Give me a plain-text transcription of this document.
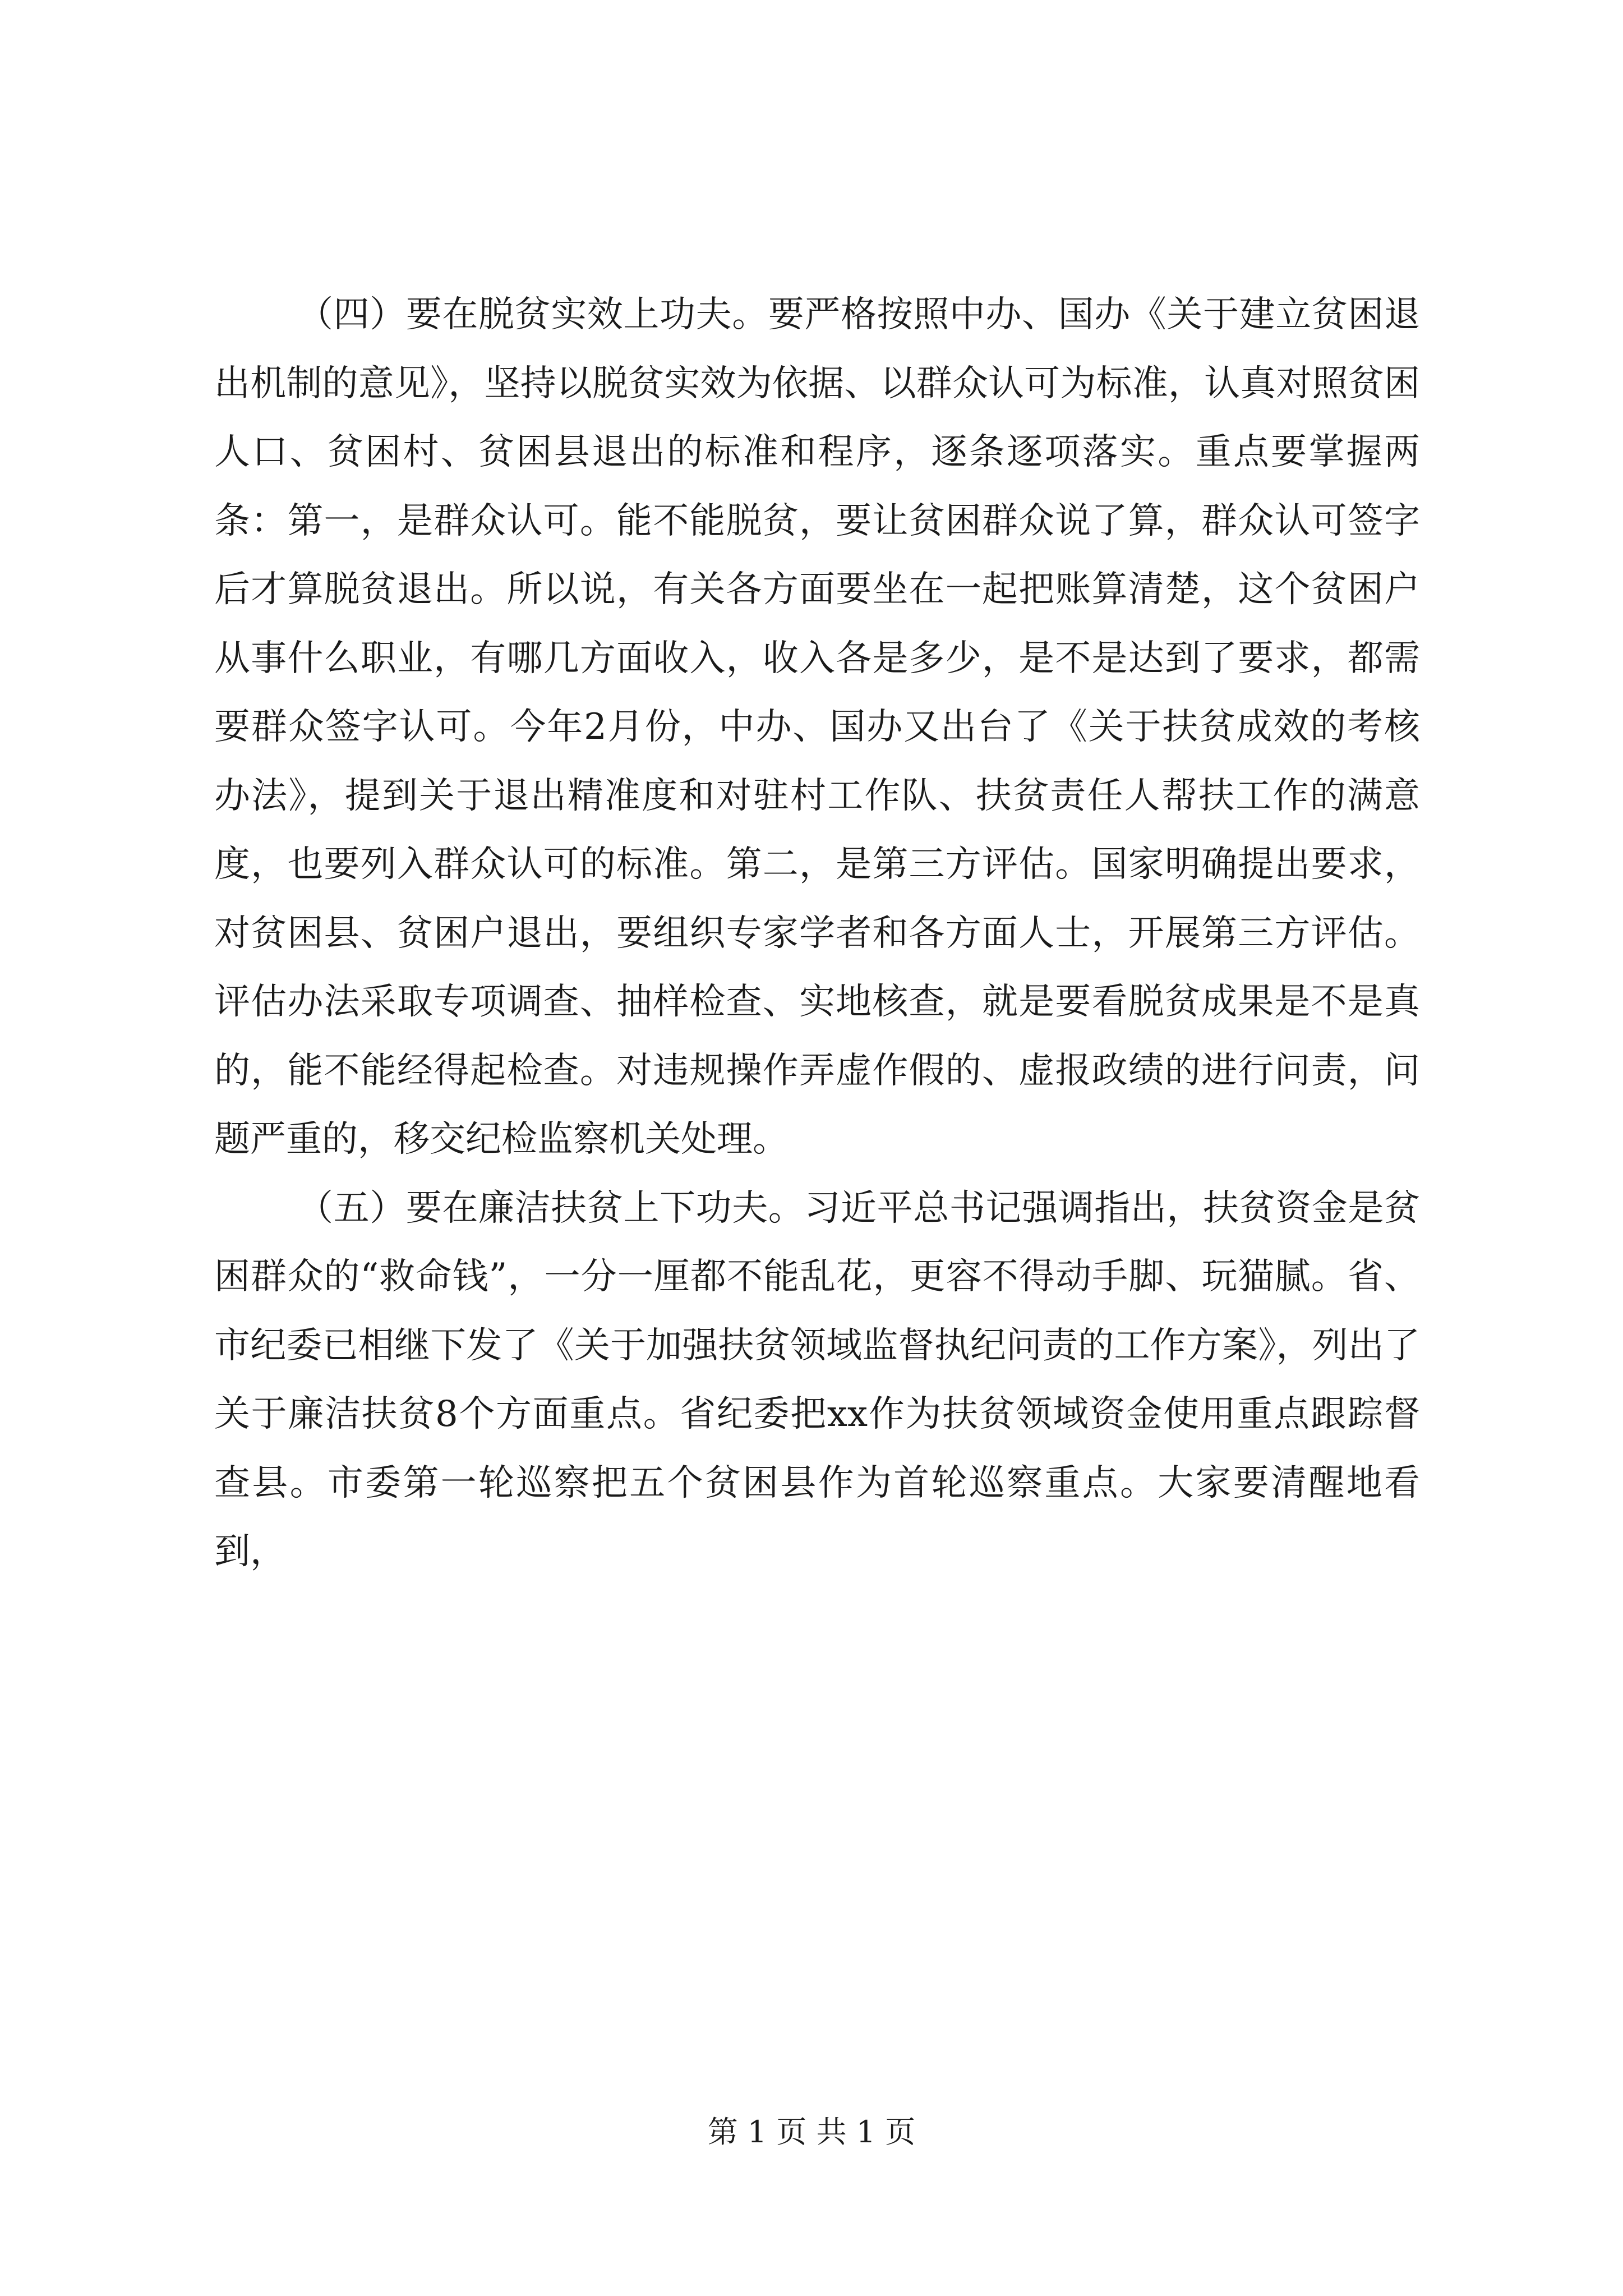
（四）要在脱贫实效上功夫。要严格按照中办、国办《关于建立贫困退出机制的意见》，坚持以脱贫实效为依据、以群众认可为标准，认真对照贫困人口、贫困村、贫困县退出的标准和程序，逐条逐项落实。重点要掌握两条：第一，是群众认可。能不能脱贫，要让贫困群众说了算，群众认可签字后才算脱贫退出。所以说，有关各方面要坐在一起把账算清楚，这个贫困户从事什么职业，有哪几方面收入，收入各是多少，是不是达到了要求，都需要群众签字认可。今年2月份，中办、国办又出台了《关于扶贫成效的考核办法》，提到关于退出精准度和对驻村工作队、扶贫责任人帮扶工作的满意度，也要列入群众认可的标准。第二，是第三方评估。国家明确提出要求，对贫困县、贫困户退出，要组织专家学者和各方面人士，开展第三方评估。评估办法采取专项调查、抽样检查、实地核查，就是要看脱贫成果是不是真的，能不能经得起检查。对违规操作弄虚作假的、虚报政绩的进行问责，问题严重的，移交纪检监察机关处理。

（五）要在廉洁扶贫上下功夫。习近平总书记强调指出，扶贫资金是贫困群众的“救命钱”，一分一厘都不能乱花，更容不得动手脚、玩猫腻。省、市纪委已相继下发了《关于加强扶贫领域监督执纪问责的工作方案》，列出了关于廉洁扶贫8个方面重点。省纪委把xx作为扶贫领域资金使用重点跟踪督查县。市委第一轮巡察把五个贫困县作为首轮巡察重点。大家要清醒地看到，

第 1 页 共 1 页
